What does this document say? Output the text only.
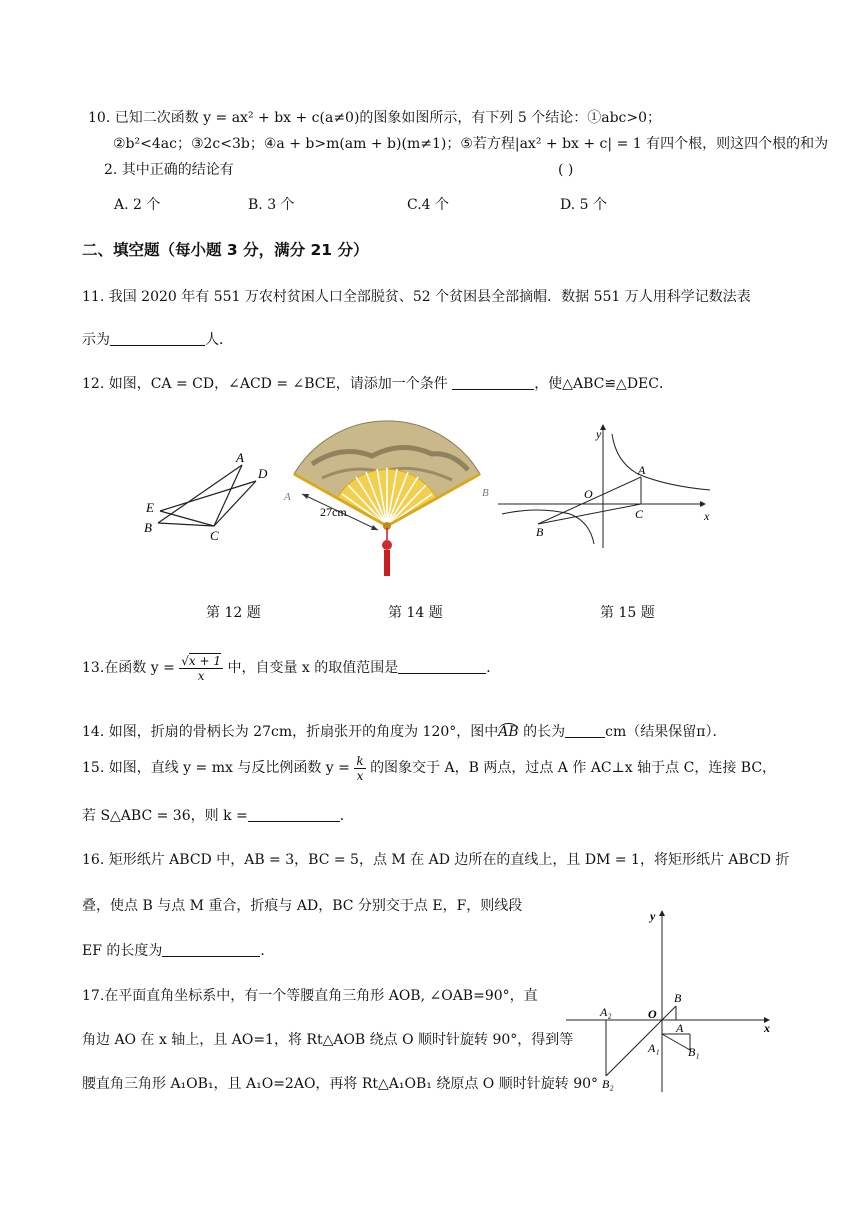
10. 已知二次函数 y = ax² + bx + c(a≠0)的图象如图所示，有下列 5 个结论：①abc>0；
②b²<4ac；③2c<3b；④a + b>m(am + b)(m≠1)；⑤若方程|ax² + bx + c| = 1 有四个根，则这四个根的和为
2. 其中正确的结论有	( )
A. 2 个	B. 3 个	C.4 个	D. 5 个
二、填空题（每小题 3 分，满分 21 分）
11. 我国 2020 年有 551 万农村贫困人口全部脱贫、52 个贫困县全部摘帽．数据 551 万人用科学记数法表
示为	人．
12. 如图，CA = CD，∠ACD = ∠BCE，请添加一个条件	，使△ABC≌△DEC．
A
D
E
B
C
27cm
A	B
y
x
O
A
B
C
第 12 题	第 14 题	第 15 题
13.在函数 $y = \frac{√x + 1}{x}$ 中，自变量 x 的取值范围是	．
14. 如图，折扇的骨柄长为 27cm，折扇张开的角度为 120°，图中AB 的长为	cm（结果保留π）．
15. 如图，直线 y = mx 与反比例函数 $y = \frac{k}{x}$ 的图象交于 A，B 两点，过点 A 作 AC⊥x 轴于点 C，连接 BC，
若 S△ABC = 36，则 k =	．
16. 矩形纸片 ABCD 中，AB = 3，BC = 5，点 M 在 AD 边所在的直线上，且 DM = 1，将矩形纸片 ABCD 折
叠，使点 B 与点 M 重合，折痕与 AD，BC 分别交于点 E，F，则线段
EF 的长度为	．
17.在平面直角坐标系中，有一个等腰直角三角形 AOB, ∠OAB=90°，直
角边 AO 在 x 轴上，且 AO=1，将 Rt△AOB 绕点 O 顺时针旋转 90°，得到等
腰直角三角形 A₁OB₁，且 A₁O=2AO，再将 Rt△A₁OB₁ 绕原点 O 顺时针旋转 90°
y
x
O
A
B
A₂
A₁ B₁
B₂
